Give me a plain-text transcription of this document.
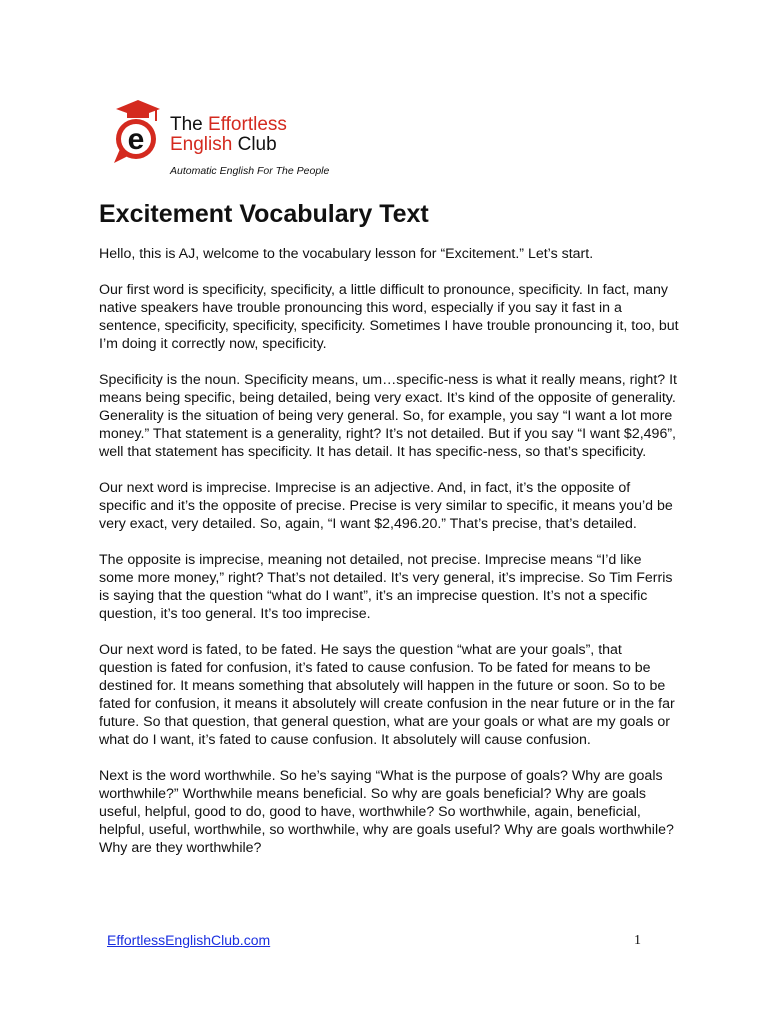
e The Effortless
English Club
Automatic English For The People
Excitement Vocabulary Text

Hello, this is AJ, welcome to the vocabulary lesson for “Excitement.” Let’s start.

Our first word is specificity, specificity, a little difficult to pronounce, specificity. In fact, many native speakers have trouble pronouncing this word, especially if you say it fast in a sentence, specificity, specificity, specificity. Sometimes I have trouble pronouncing it, too, but I’m doing it correctly now, specificity.

Specificity is the noun. Specificity means, um…specific-ness is what it really means, right? It means being specific, being detailed, being very exact. It’s kind of the opposite of generality. Generality is the situation of being very general. So, for example, you say “I want a lot more money.” That statement is a generality, right? It’s not detailed. But if you say “I want $2,496”, well that statement has specificity. It has detail. It has specific-ness, so that’s specificity.

Our next word is imprecise. Imprecise is an adjective. And, in fact, it’s the opposite of specific and it’s the opposite of precise. Precise is very similar to specific, it means you’d be very exact, very detailed. So, again, “I want $2,496.20.” That’s precise, that’s detailed.

The opposite is imprecise, meaning not detailed, not precise. Imprecise means “I’d like some more money,” right? That’s not detailed. It’s very general, it’s imprecise. So Tim Ferris is saying that the question “what do I want”, it’s an imprecise question. It’s not a specific question, it’s too general. It’s too imprecise.

Our next word is fated, to be fated. He says the question “what are your goals”, that question is fated for confusion, it’s fated to cause confusion. To be fated for means to be destined for. It means something that absolutely will happen in the future or soon. So to be fated for confusion, it means it absolutely will create confusion in the near future or in the far future. So that question, that general question, what are your goals or what are my goals or what do I want, it’s fated to cause confusion. It absolutely will cause confusion.

Next is the word worthwhile. So he’s saying “What is the purpose of goals? Why are goals worthwhile?” Worthwhile means beneficial. So why are goals beneficial? Why are goals useful, helpful, good to do, good to have, worthwhile? So worthwhile, again, beneficial, helpful, useful, worthwhile, so worthwhile, why are goals useful? Why are goals worthwhile? Why are they worthwhile?

EffortlessEnglishClub.com	1
